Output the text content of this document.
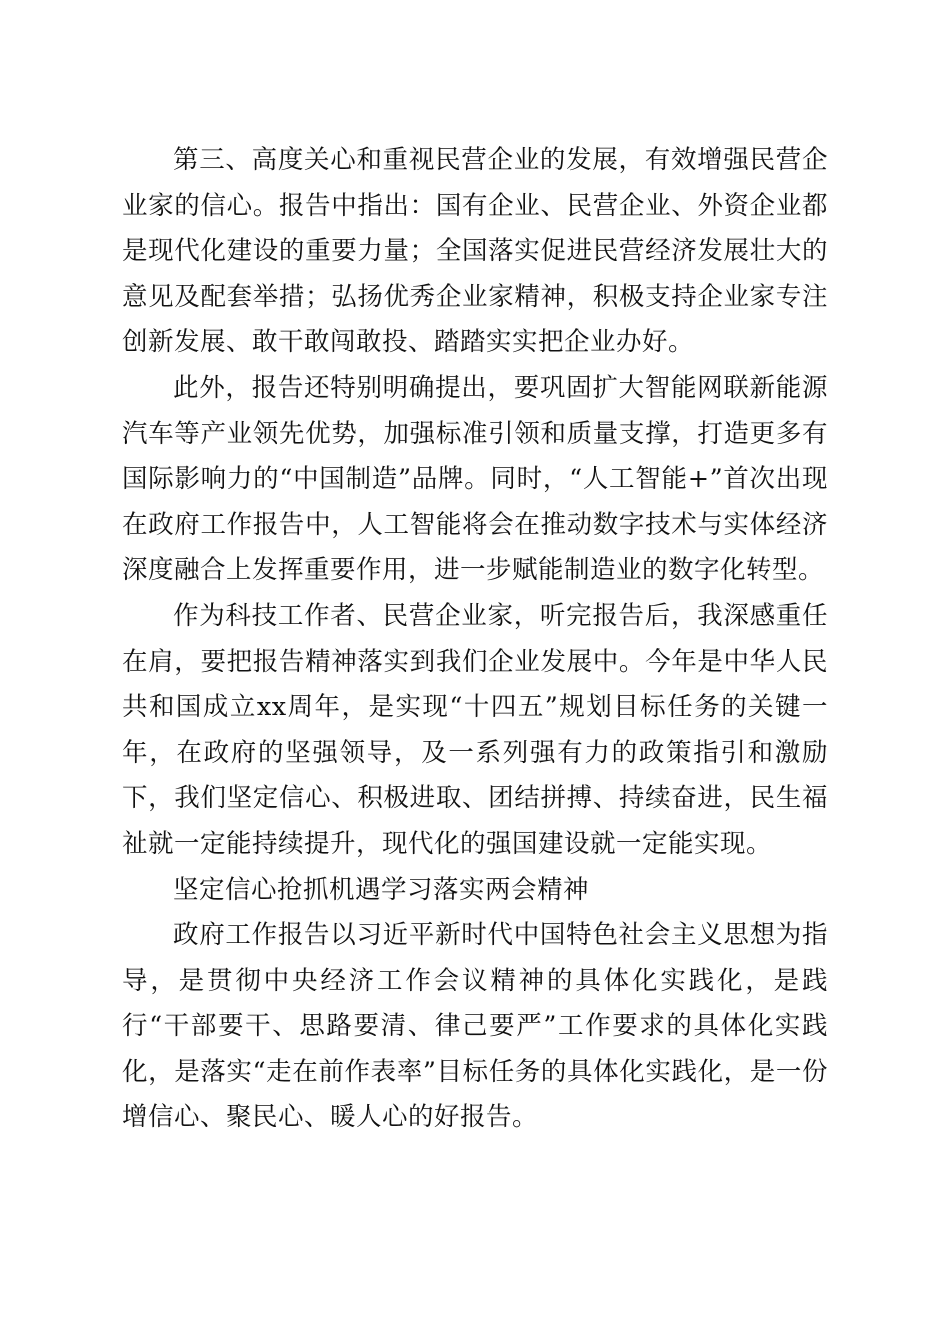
第三、高度关心和重视民营企业的发展，有效增强民营企业家的信心。报告中指出：国有企业、民营企业、外资企业都是现代化建设的重要力量；全国落实促进民营经济发展壮大的意见及配套举措；弘扬优秀企业家精神，积极支持企业家专注创新发展、敢干敢闯敢投、踏踏实实把企业办好。

此外，报告还特别明确提出，要巩固扩大智能网联新能源汽车等产业领先优势，加强标准引领和质量支撑，打造更多有国际影响力的“中国制造”品牌。同时，“人工智能+”首次出现在政府工作报告中，人工智能将会在推动数字技术与实体经济深度融合上发挥重要作用，进一步赋能制造业的数字化转型。

作为科技工作者、民营企业家，听完报告后，我深感重任在肩，要把报告精神落实到我们企业发展中。今年是中华人民共和国成立xx周年，是实现“十四五”规划目标任务的关键一年，在政府的坚强领导，及一系列强有力的政策指引和激励下，我们坚定信心、积极进取、团结拼搏、持续奋进，民生福祉就一定能持续提升，现代化的强国建设就一定能实现。

坚定信心抢抓机遇学习落实两会精神

政府工作报告以习近平新时代中国特色社会主义思想为指导，是贯彻中央经济工作会议精神的具体化实践化，是践行“干部要干、思路要清、律己要严”工作要求的具体化实践化，是落实“走在前作表率”目标任务的具体化实践化，是一份增信心、聚民心、暖人心的好报告。
